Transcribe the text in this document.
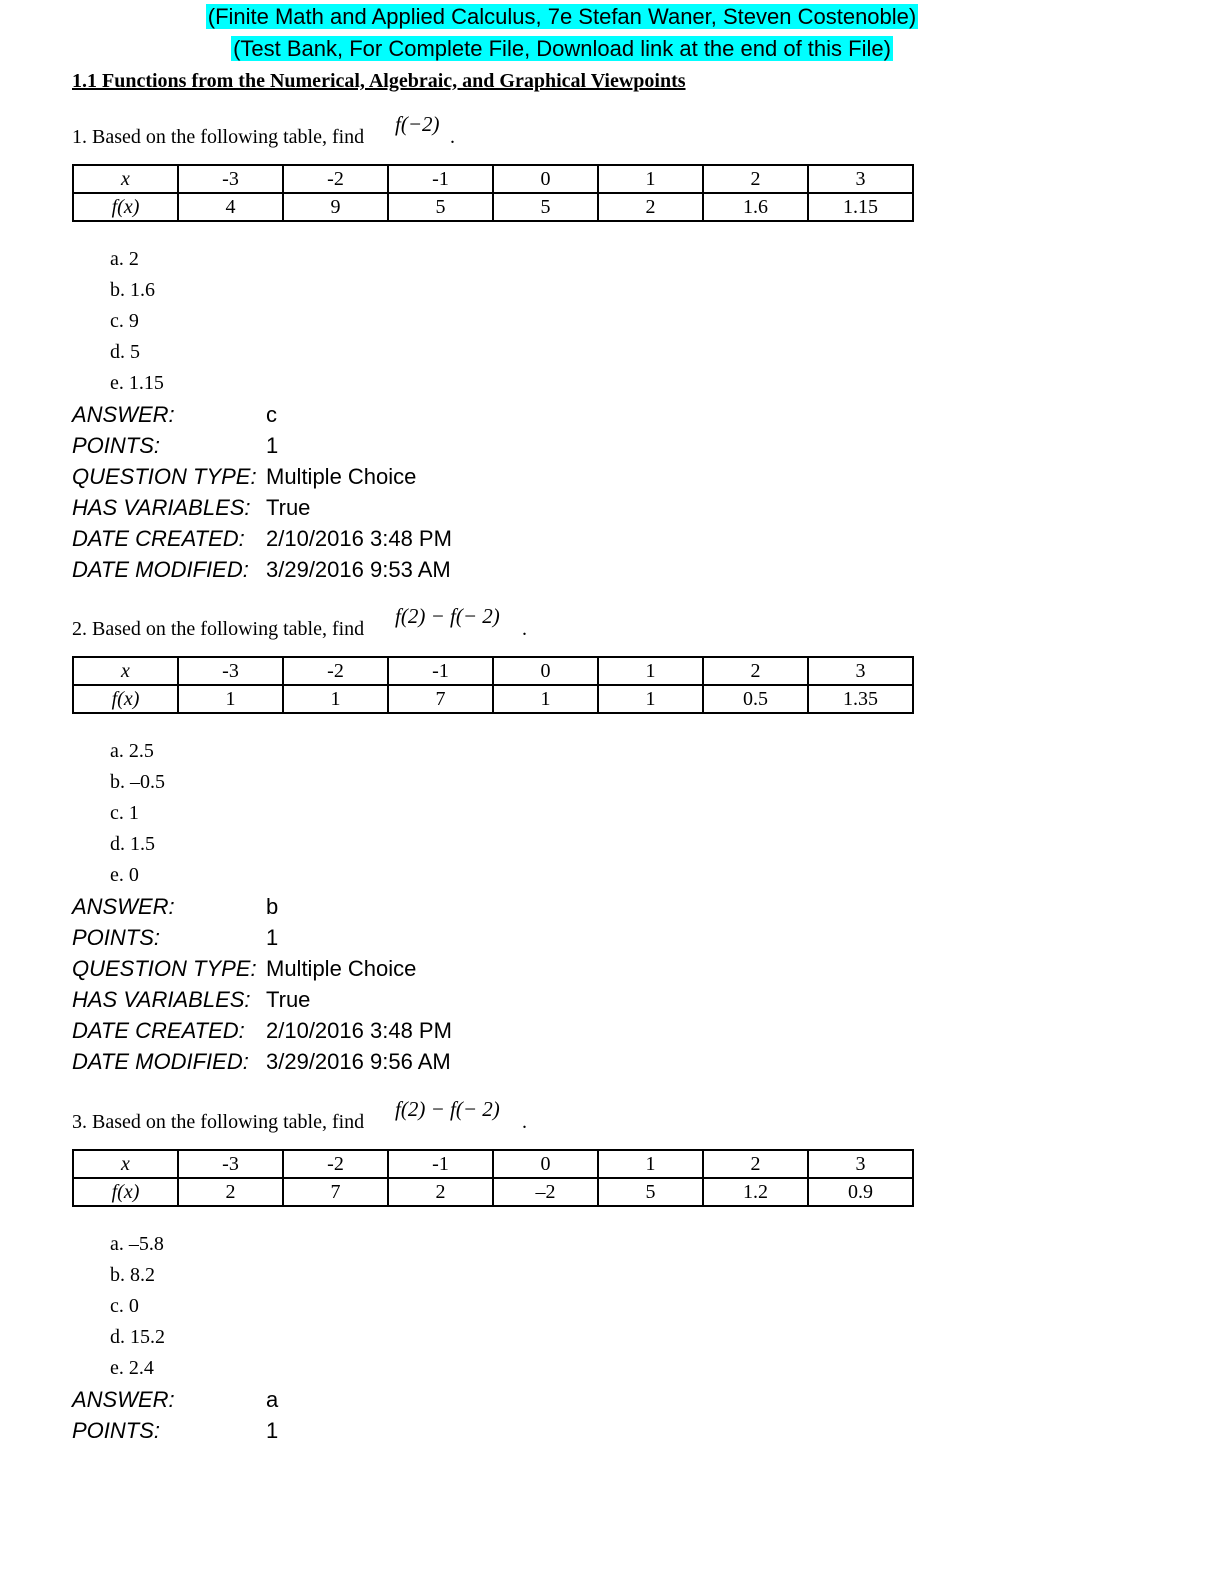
(Finite Math and Applied Calculus, 7e Stefan Waner, Steven Costenoble)
(Test Bank, For Complete File, Download link at the end of this File)
1.1 Functions from the Numerical, Algebraic, and Graphical Viewpoints
1. Based on the following table, find
f(−2)
.
x	-3	-2	-1	0	1	2	3
f(x)	4	9	5	5	2	1.6	1.15
a. 2
b. 1.6
c. 9
d. 5
e. 1.15
ANSWER:	c
POINTS:	1
QUESTION TYPE: Multiple Choice
HAS VARIABLES: True
DATE CREATED: 2/10/2016 3:48 PM
DATE MODIFIED: 3/29/2016 9:53 AM
2. Based on the following table, find
f(2) − f(− 2)
.
x	-3	-2	-1	0	1	2	3
f(x)	1	1	7	1	1	0.5	1.35
a. 2.5
b. –0.5
c. 1
d. 1.5
e. 0
ANSWER:	b
POINTS:	1
QUESTION TYPE: Multiple Choice
HAS VARIABLES: True
DATE CREATED: 2/10/2016 3:48 PM
DATE MODIFIED: 3/29/2016 9:56 AM
3. Based on the following table, find
f(2) − f(− 2)
.
x	-3	-2	-1	0	1	2	3
f(x)	2	7	2	–2	5	1.2	0.9
a. –5.8
b. 8.2
c. 0
d. 15.2
e. 2.4
ANSWER:	a
POINTS:	1
